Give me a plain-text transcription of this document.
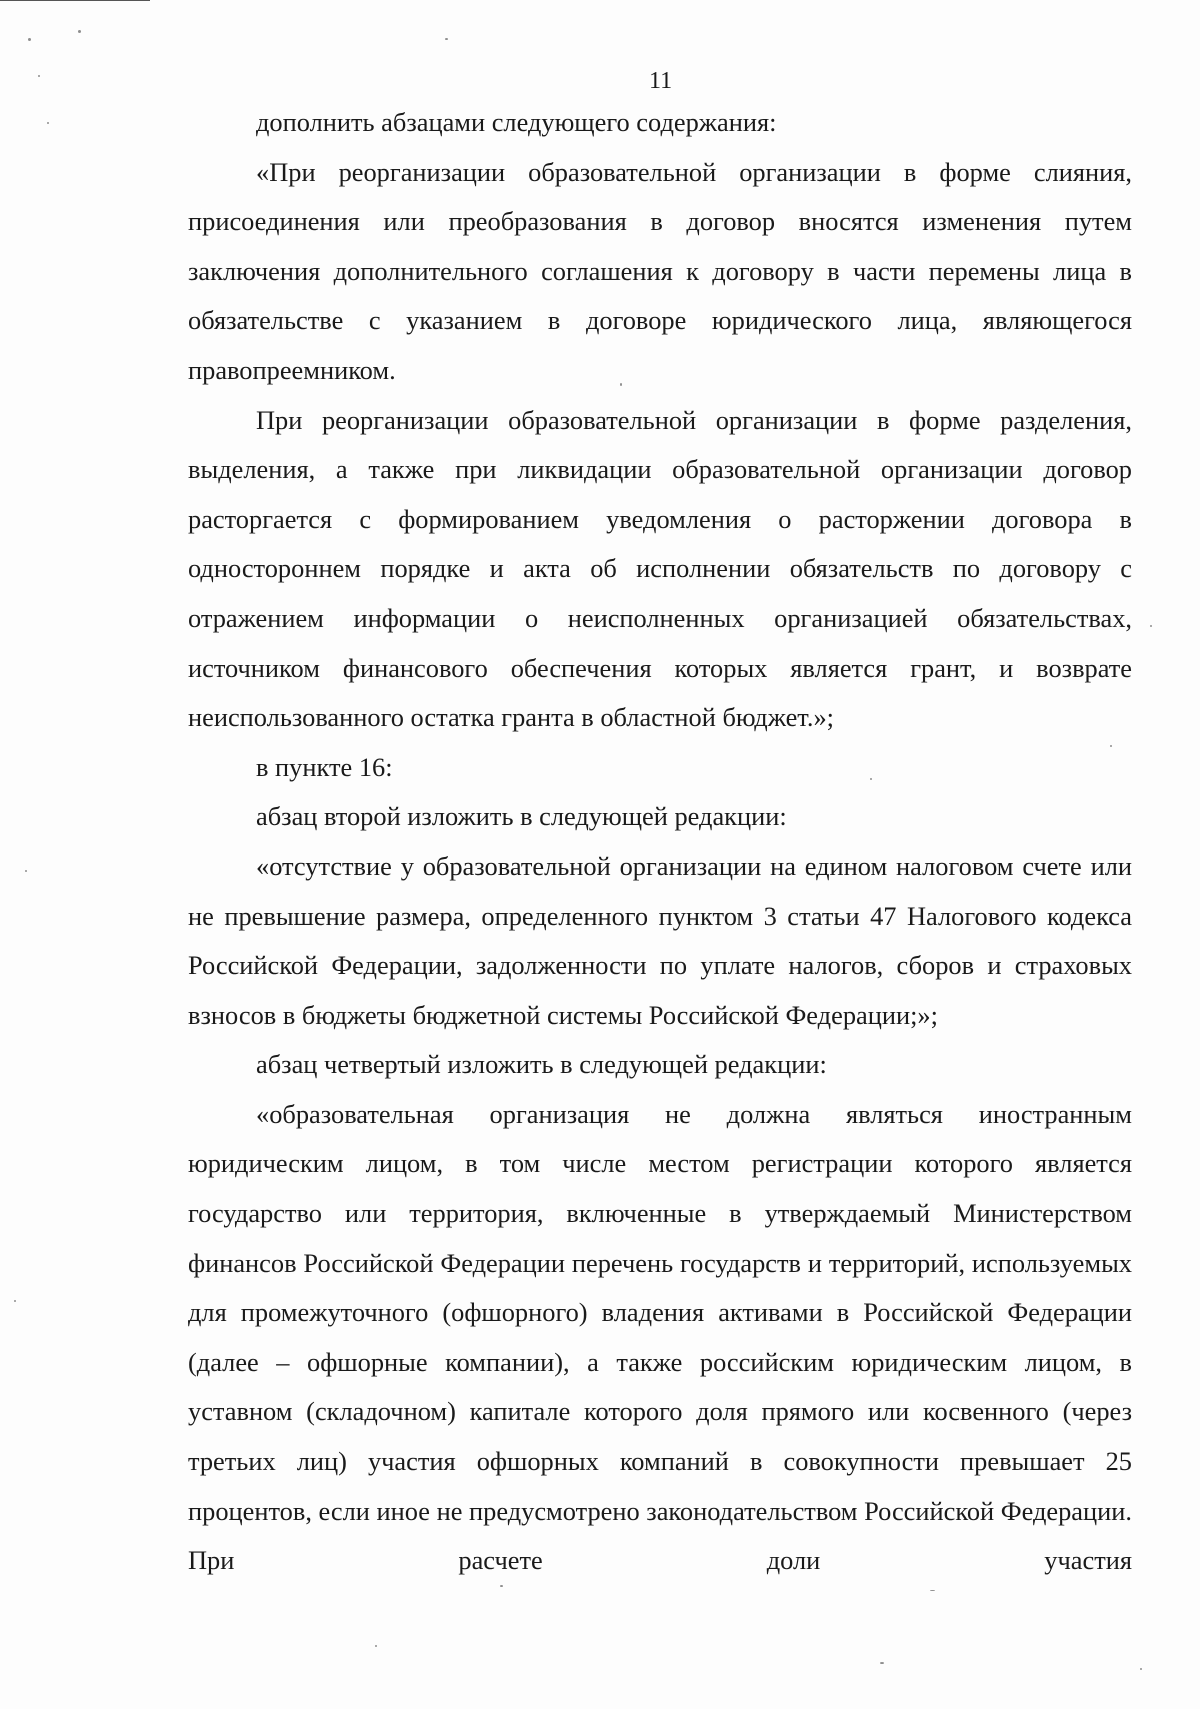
11

дополнить абзацами следующего содержания:

«При реорганизации образовательной организации в форме слияния, присоединения или преобразования в договор вносятся изменения путем заключения дополнительного соглашения к договору в части перемены лица в обязательстве с указанием в договоре юридического лица, являющегося правопреемником.

При реорганизации образовательной организации в форме разделения, выделения, а также при ликвидации образовательной организации договор расторгается с формированием уведомления о расторжении договора в одностороннем порядке и акта об исполнении обязательств по договору с отражением информации о неисполненных организацией обязательствах, источником финансового обеспечения которых является грант, и возврате неиспользованного остатка гранта в областной бюджет.»;

в пункте 16:

абзац второй изложить в следующей редакции:

«отсутствие у образовательной организации на едином налоговом счете или не превышение размера, определенного пунктом 3 статьи 47 Налогового кодекса Российской Федерации, задолженности по уплате налогов, сборов и страховых взносов в бюджеты бюджетной системы Российской Федерации;»;

абзац четвертый изложить в следующей редакции:

«образовательная организация не должна являться иностранным юридическим лицом, в том числе местом регистрации которого является государство или территория, включенные в утверждаемый Министерством финансов Российской Федерации перечень государств и территорий, используемых для промежуточного (офшорного) владения активами в Российской Федерации (далее – офшорные компании), а также российским юридическим лицом, в уставном (складочном) капитале которого доля прямого или косвенного (через третьих лиц) участия офшорных компаний в совокупности превышает 25 процентов, если иное не предусмотрено законодательством Российской Федерации. При расчете доли участия
